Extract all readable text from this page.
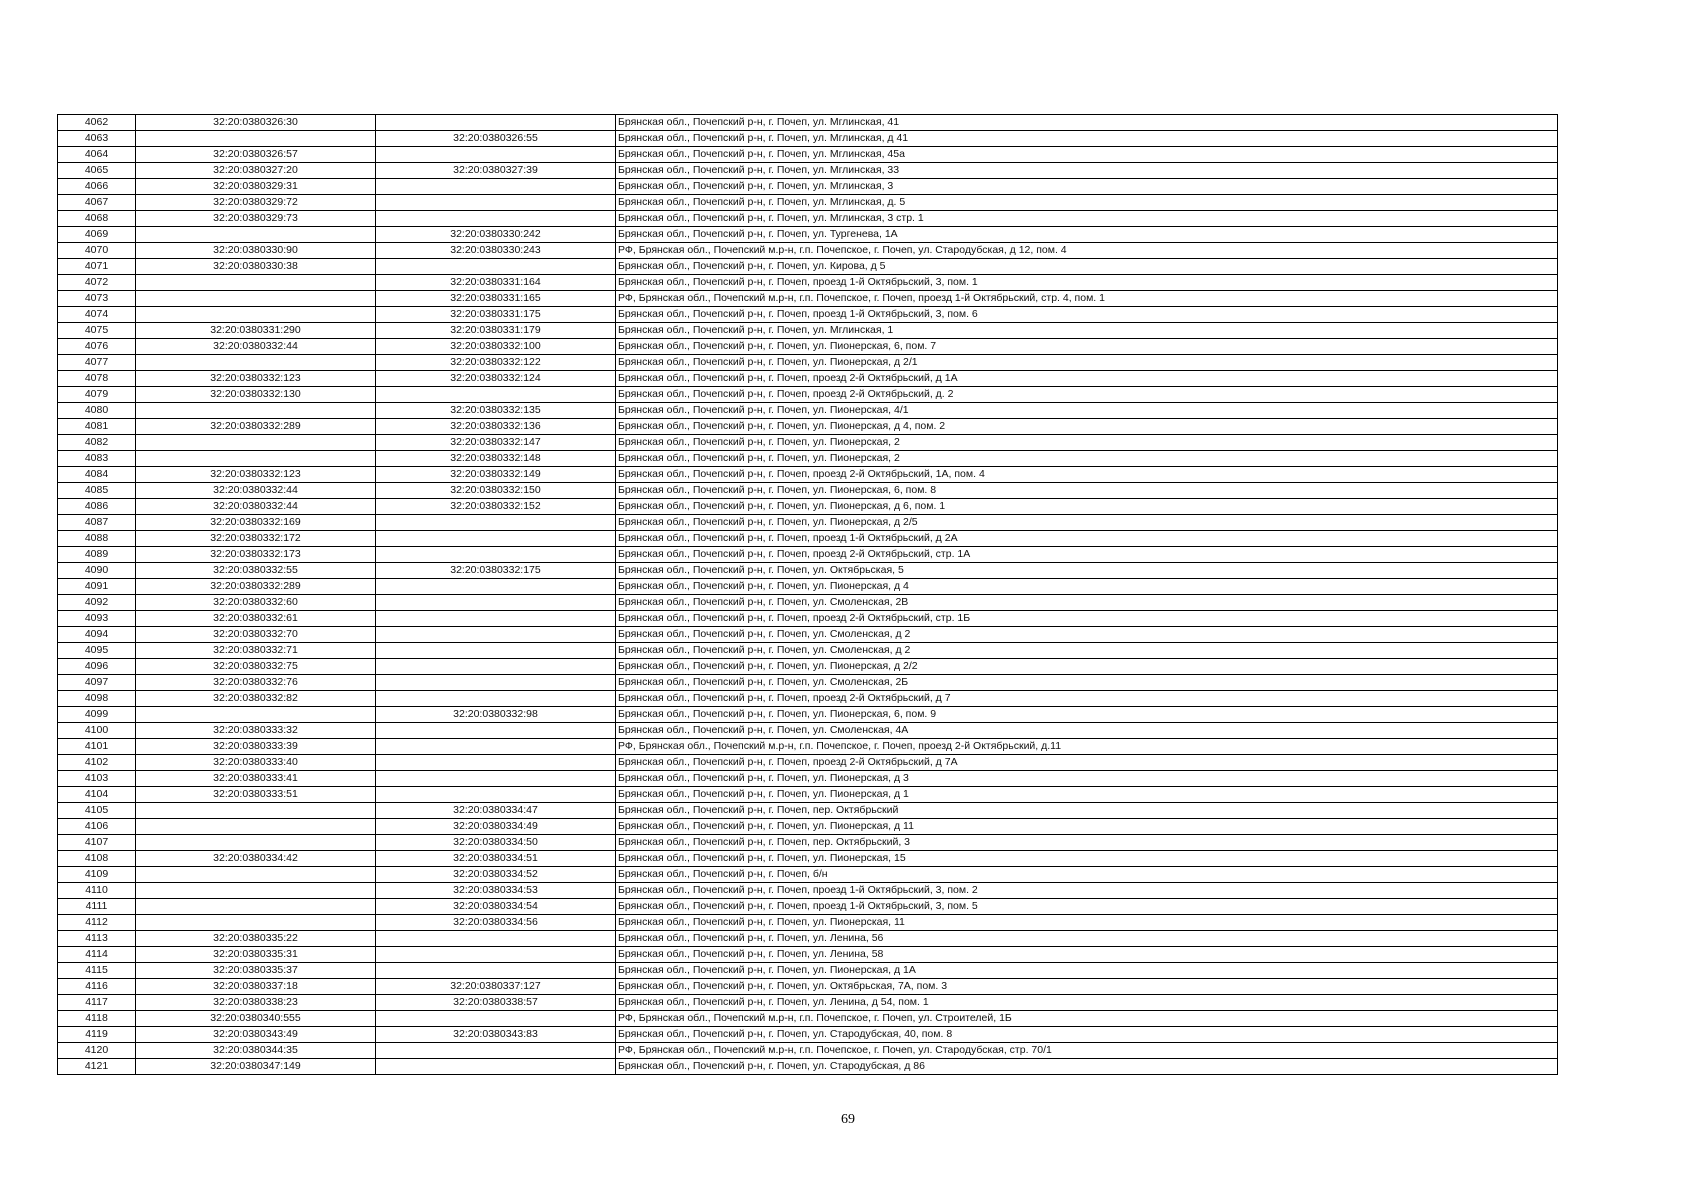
4062	32:20:0380326:30		Брянская обл., Почепский р-н, г. Почеп, ул. Мглинская, 41
4063		32:20:0380326:55	Брянская обл., Почепский р-н, г. Почеп, ул. Мглинская, д 41
4064	32:20:0380326:57		Брянская обл., Почепский р-н, г. Почеп, ул. Мглинская, 45а
4065	32:20:0380327:20	32:20:0380327:39	Брянская обл., Почепский р-н, г. Почеп, ул. Мглинская, 33
4066	32:20:0380329:31		Брянская обл., Почепский р-н, г. Почеп, ул. Мглинская, 3
4067	32:20:0380329:72		Брянская обл., Почепский р-н, г. Почеп, ул. Мглинская, д. 5
4068	32:20:0380329:73		Брянская обл., Почепский р-н, г. Почеп, ул. Мглинская, 3 стр. 1
4069		32:20:0380330:242	Брянская обл., Почепский р-н, г. Почеп, ул. Тургенева, 1А
4070	32:20:0380330:90	32:20:0380330:243	РФ, Брянская обл., Почепский м.р-н, г.п. Почепское, г. Почеп, ул. Стародубская, д 12, пом. 4
4071	32:20:0380330:38		Брянская обл., Почепский р-н, г. Почеп, ул. Кирова, д 5
4072		32:20:0380331:164	Брянская обл., Почепский р-н, г. Почеп, проезд 1-й Октябрьский, 3, пом. 1
4073		32:20:0380331:165	РФ, Брянская обл., Почепский м.р-н, г.п. Почепское, г. Почеп, проезд 1-й Октябрьский, стр. 4, пом. 1
4074		32:20:0380331:175	Брянская обл., Почепский р-н, г. Почеп, проезд 1-й Октябрьский, 3, пом. 6
4075	32:20:0380331:290	32:20:0380331:179	Брянская обл., Почепский р-н, г. Почеп, ул. Мглинская, 1
4076	32:20:0380332:44	32:20:0380332:100	Брянская обл., Почепский р-н, г. Почеп, ул. Пионерская, 6, пом. 7
4077		32:20:0380332:122	Брянская обл., Почепский р-н, г. Почеп, ул. Пионерская, д 2/1
4078	32:20:0380332:123	32:20:0380332:124	Брянская обл., Почепский р-н, г. Почеп, проезд 2-й Октябрьский, д 1А
4079	32:20:0380332:130		Брянская обл., Почепский р-н, г. Почеп, проезд 2-й Октябрьский, д. 2
4080		32:20:0380332:135	Брянская обл., Почепский р-н, г. Почеп, ул. Пионерская, 4/1
4081	32:20:0380332:289	32:20:0380332:136	Брянская обл., Почепский р-н, г. Почеп, ул. Пионерская, д 4, пом. 2
4082		32:20:0380332:147	Брянская обл., Почепский р-н, г. Почеп, ул. Пионерская, 2
4083		32:20:0380332:148	Брянская обл., Почепский р-н, г. Почеп, ул. Пионерская, 2
4084	32:20:0380332:123	32:20:0380332:149	Брянская обл., Почепский р-н, г. Почеп, проезд 2-й Октябрьский, 1А, пом. 4
4085	32:20:0380332:44	32:20:0380332:150	Брянская обл., Почепский р-н, г. Почеп, ул. Пионерская, 6, пом. 8
4086	32:20:0380332:44	32:20:0380332:152	Брянская обл., Почепский р-н, г. Почеп, ул. Пионерская, д 6, пом. 1
4087	32:20:0380332:169		Брянская обл., Почепский р-н, г. Почеп, ул. Пионерская, д 2/5
4088	32:20:0380332:172		Брянская обл., Почепский р-н, г. Почеп, проезд 1-й Октябрьский, д 2А
4089	32:20:0380332:173		Брянская обл., Почепский р-н, г. Почеп, проезд 2-й Октябрьский, стр. 1А
4090	32:20:0380332:55	32:20:0380332:175	Брянская обл., Почепский р-н, г. Почеп, ул. Октябрьская, 5
4091	32:20:0380332:289		Брянская обл., Почепский р-н, г. Почеп, ул. Пионерская, д 4
4092	32:20:0380332:60		Брянская обл., Почепский р-н, г. Почеп, ул. Смоленская, 2В
4093	32:20:0380332:61		Брянская обл., Почепский р-н, г. Почеп, проезд 2-й Октябрьский, стр. 1Б
4094	32:20:0380332:70		Брянская обл., Почепский р-н, г. Почеп, ул. Смоленская, д 2
4095	32:20:0380332:71		Брянская обл., Почепский р-н, г. Почеп, ул. Смоленская, д 2
4096	32:20:0380332:75		Брянская обл., Почепский р-н, г. Почеп, ул. Пионерская, д 2/2
4097	32:20:0380332:76		Брянская обл., Почепский р-н, г. Почеп, ул. Смоленская, 2Б
4098	32:20:0380332:82		Брянская обл., Почепский р-н, г. Почеп, проезд 2-й Октябрьский, д 7
4099		32:20:0380332:98	Брянская обл., Почепский р-н, г. Почеп, ул. Пионерская, 6, пом. 9
4100	32:20:0380333:32		Брянская обл., Почепский р-н, г. Почеп, ул. Смоленская, 4А
4101	32:20:0380333:39		РФ, Брянская обл., Почепский м.р-н, г.п. Почепское, г. Почеп, проезд 2-й Октябрьский, д.11
4102	32:20:0380333:40		Брянская обл., Почепский р-н, г. Почеп, проезд 2-й Октябрьский, д 7А
4103	32:20:0380333:41		Брянская обл., Почепский р-н, г. Почеп, ул. Пионерская, д 3
4104	32:20:0380333:51		Брянская обл., Почепский р-н, г. Почеп, ул. Пионерская, д 1
4105		32:20:0380334:47	Брянская обл., Почепский р-н, г. Почеп, пер. Октябрьский
4106		32:20:0380334:49	Брянская обл., Почепский р-н, г. Почеп, ул. Пионерская, д 11
4107		32:20:0380334:50	Брянская обл., Почепский р-н, г. Почеп, пер. Октябрьский, 3
4108	32:20:0380334:42	32:20:0380334:51	Брянская обл., Почепский р-н, г. Почеп, ул. Пионерская, 15
4109		32:20:0380334:52	Брянская обл., Почепский р-н, г. Почеп, б/н
4110		32:20:0380334:53	Брянская обл., Почепский р-н, г. Почеп, проезд 1-й Октябрьский, 3, пом. 2
4111		32:20:0380334:54	Брянская обл., Почепский р-н, г. Почеп, проезд 1-й Октябрьский, 3, пом. 5
4112		32:20:0380334:56	Брянская обл., Почепский р-н, г. Почеп, ул. Пионерская, 11
4113	32:20:0380335:22		Брянская обл., Почепский р-н, г. Почеп, ул. Ленина, 56
4114	32:20:0380335:31		Брянская обл., Почепский р-н, г. Почеп, ул. Ленина, 58
4115	32:20:0380335:37		Брянская обл., Почепский р-н, г. Почеп, ул. Пионерская, д 1А
4116	32:20:0380337:18	32:20:0380337:127	Брянская обл., Почепский р-н, г. Почеп, ул. Октябрьская, 7А, пом. 3
4117	32:20:0380338:23	32:20:0380338:57	Брянская обл., Почепский р-н, г. Почеп, ул. Ленина, д 54, пом. 1
4118	32:20:0380340:555		РФ, Брянская обл., Почепский м.р-н, г.п. Почепское, г. Почеп, ул. Строителей, 1Б
4119	32:20:0380343:49	32:20:0380343:83	Брянская обл., Почепский р-н, г. Почеп, ул. Стародубская, 40, пом. 8
4120	32:20:0380344:35		РФ, Брянская обл., Почепский м.р-н, г.п. Почепское, г. Почеп, ул. Стародубская, стр. 70/1
4121	32:20:0380347:149		Брянская обл., Почепский р-н, г. Почеп, ул. Стародубская, д 86
69
